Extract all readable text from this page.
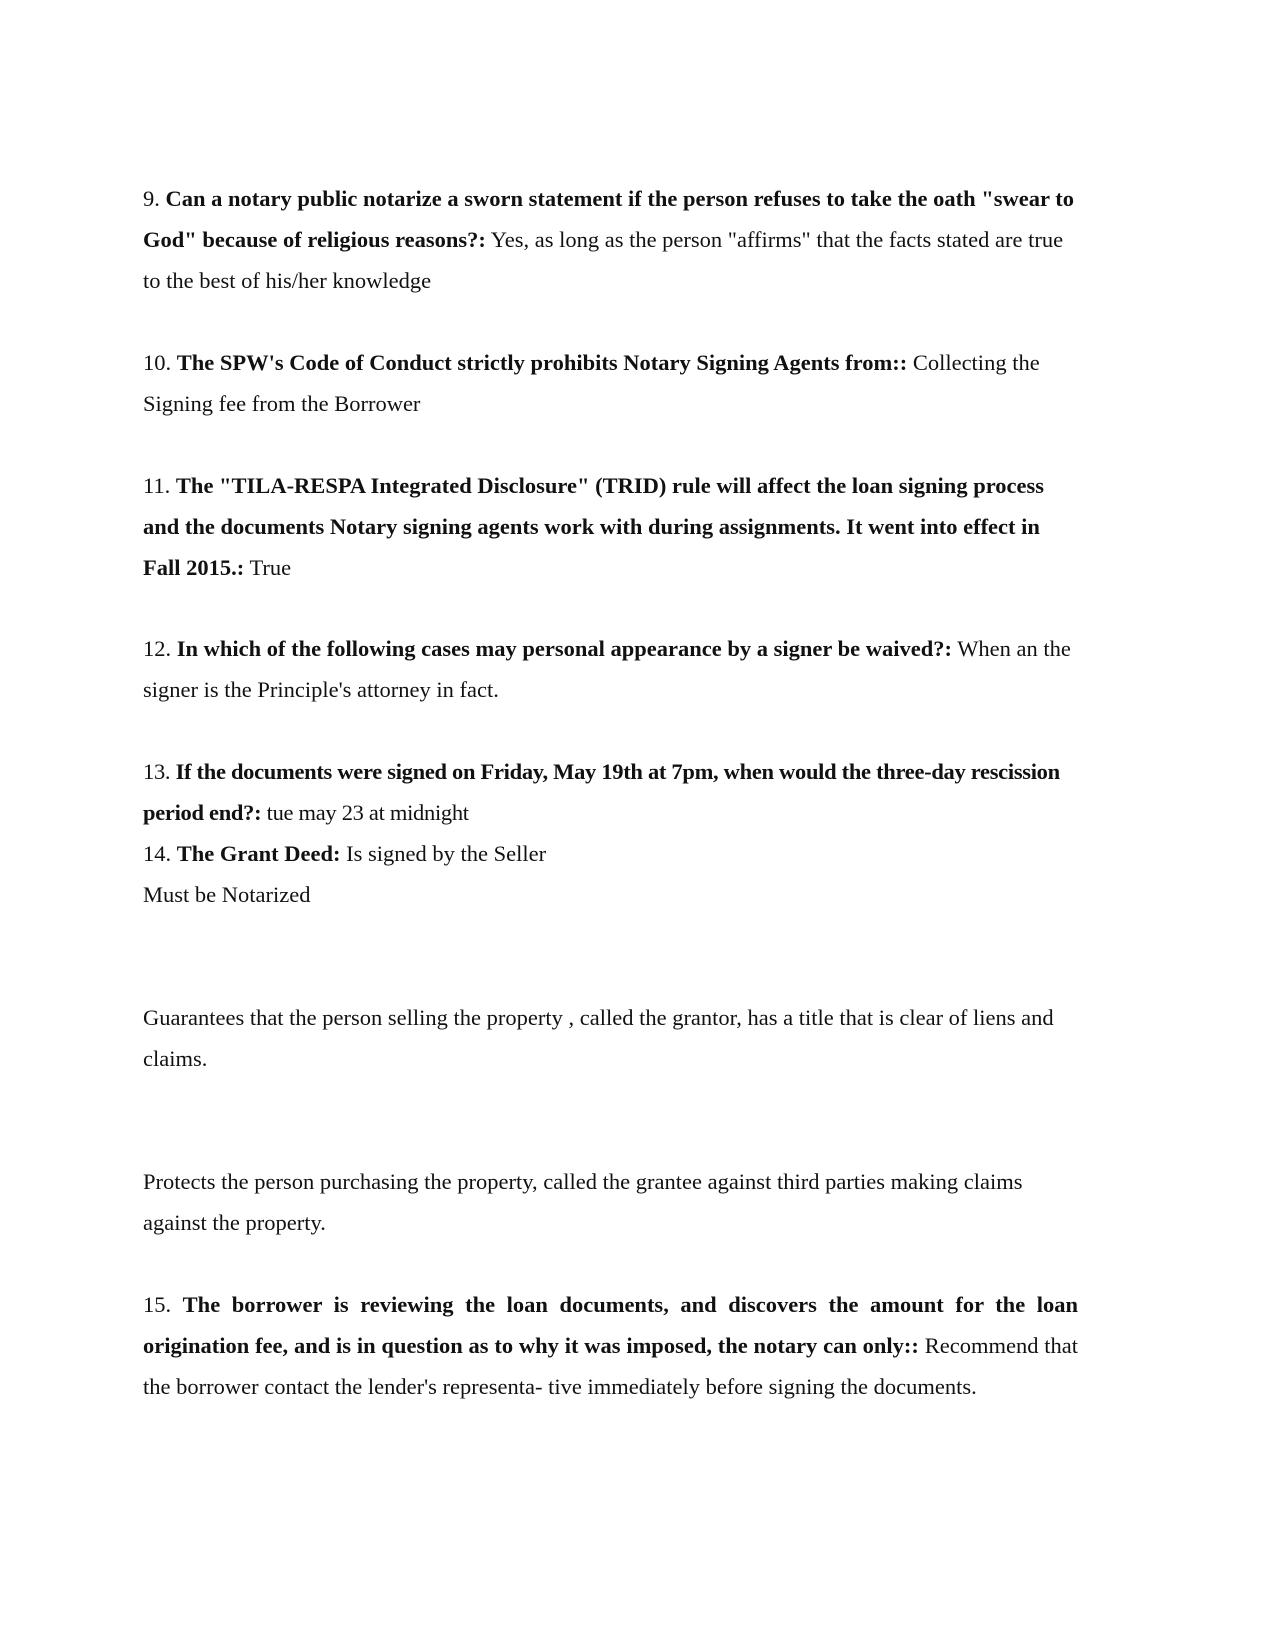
9. Can a notary public notarize a sworn statement if the person refuses to take the oath "swear to God" because of religious reasons?: Yes, as long as the person "affirms" that the facts stated are true to the best of his/her knowledge
10. The SPW's Code of Conduct strictly prohibits Notary Signing Agents from:: Collecting the Signing fee from the Borrower
11. The "TILA-RESPA Integrated Disclosure" (TRID) rule will affect the loan signing process and the documents Notary signing agents work with during assignments. It went into effect in Fall 2015.: True
12. In which of the following cases may personal appearance by a signer be waived?: When an the signer is the Principle's attorney in fact.
13. If the documents were signed on Friday, May 19th at 7pm, when would the three-day rescission period end?: tue may 23 at midnight
14. The Grant Deed: Is signed by the Seller
Must be Notarized
Guarantees that the person selling the property , called the grantor, has a title that is clear of liens and claims.
Protects the person purchasing the property, called the grantee against third parties making claims against the property.
15. The borrower is reviewing the loan documents, and discovers the amount for the loan origination fee, and is in question as to why it was imposed, the notary can only:: Recommend that the borrower contact the lender's representa- tive immediately before signing the documents.
